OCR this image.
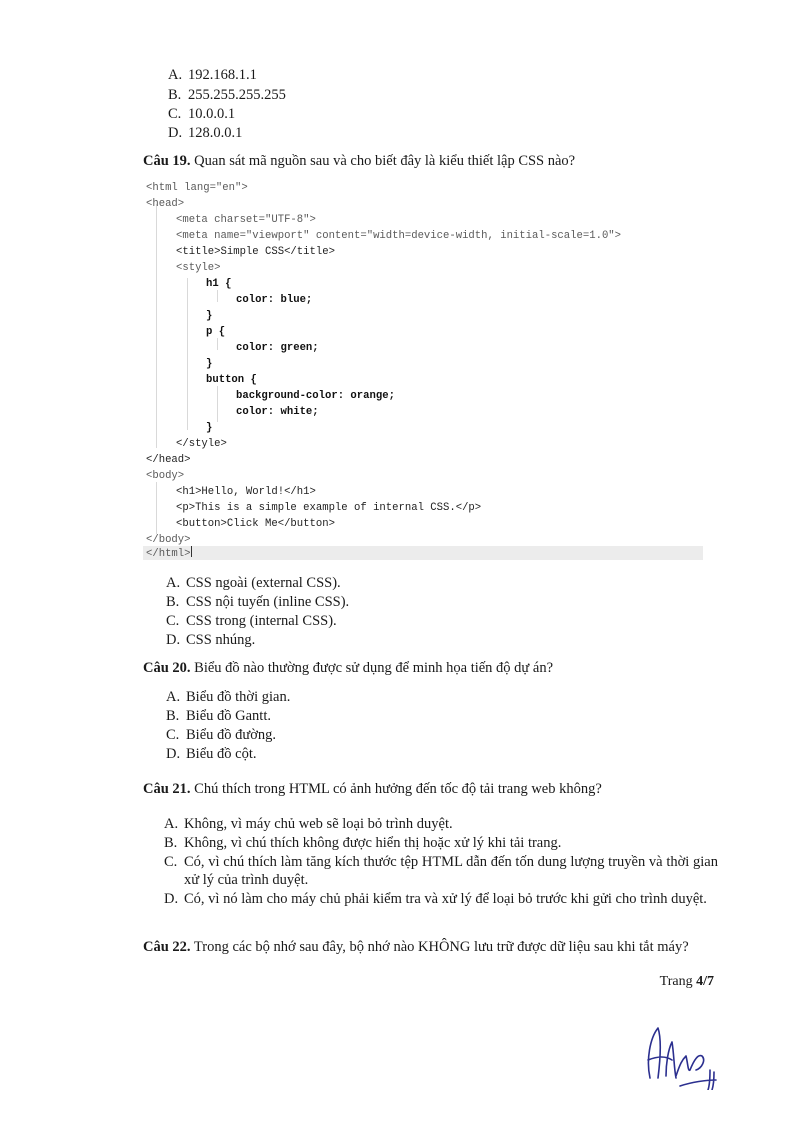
A. 192.168.1.1
B. 255.255.255.255
C. 10.0.0.1
D. 128.0.0.1
Câu 19. Quan sát mã nguồn sau và cho biết đây là kiểu thiết lập CSS nào?
<html lang="en">
<head>
<meta charset="UTF-8">
<meta name="viewport" content="width=device-width, initial-scale=1.0">
<title>Simple CSS</title>
<style>
h1 {
color: blue;
}
p {
color: green;
}
button {
background-color: orange;
color: white;
}
</style>
</head>
<body>
<h1>Hello, World!</h1>
<p>This is a simple example of internal CSS.</p>
<button>Click Me</button>
</body>
</html>
A. CSS ngoài (external CSS).
B. CSS nội tuyến (inline CSS).
C. CSS trong (internal CSS).
D. CSS nhúng.
Câu 20. Biểu đồ nào thường được sử dụng để minh họa tiến độ dự án?
A. Biểu đồ thời gian.
B. Biểu đồ Gantt.
C. Biểu đồ đường.
D. Biểu đồ cột.
Câu 21. Chú thích trong HTML có ảnh hưởng đến tốc độ tải trang web không?
A. Không, vì máy chủ web sẽ loại bỏ trình duyệt.
B. Không, vì chú thích không được hiển thị hoặc xử lý khi tải trang.
C. Có, vì chú thích làm tăng kích thước tệp HTML dẫn đến tốn dung lượng truyền và thời gian xử lý của trình duyệt.
D. Có, vì nó làm cho máy chủ phải kiểm tra và xử lý để loại bỏ trước khi gửi cho trình duyệt.
Câu 22. Trong các bộ nhớ sau đây, bộ nhớ nào KHÔNG lưu trữ được dữ liệu sau khi tắt máy?
Trang 4/7
